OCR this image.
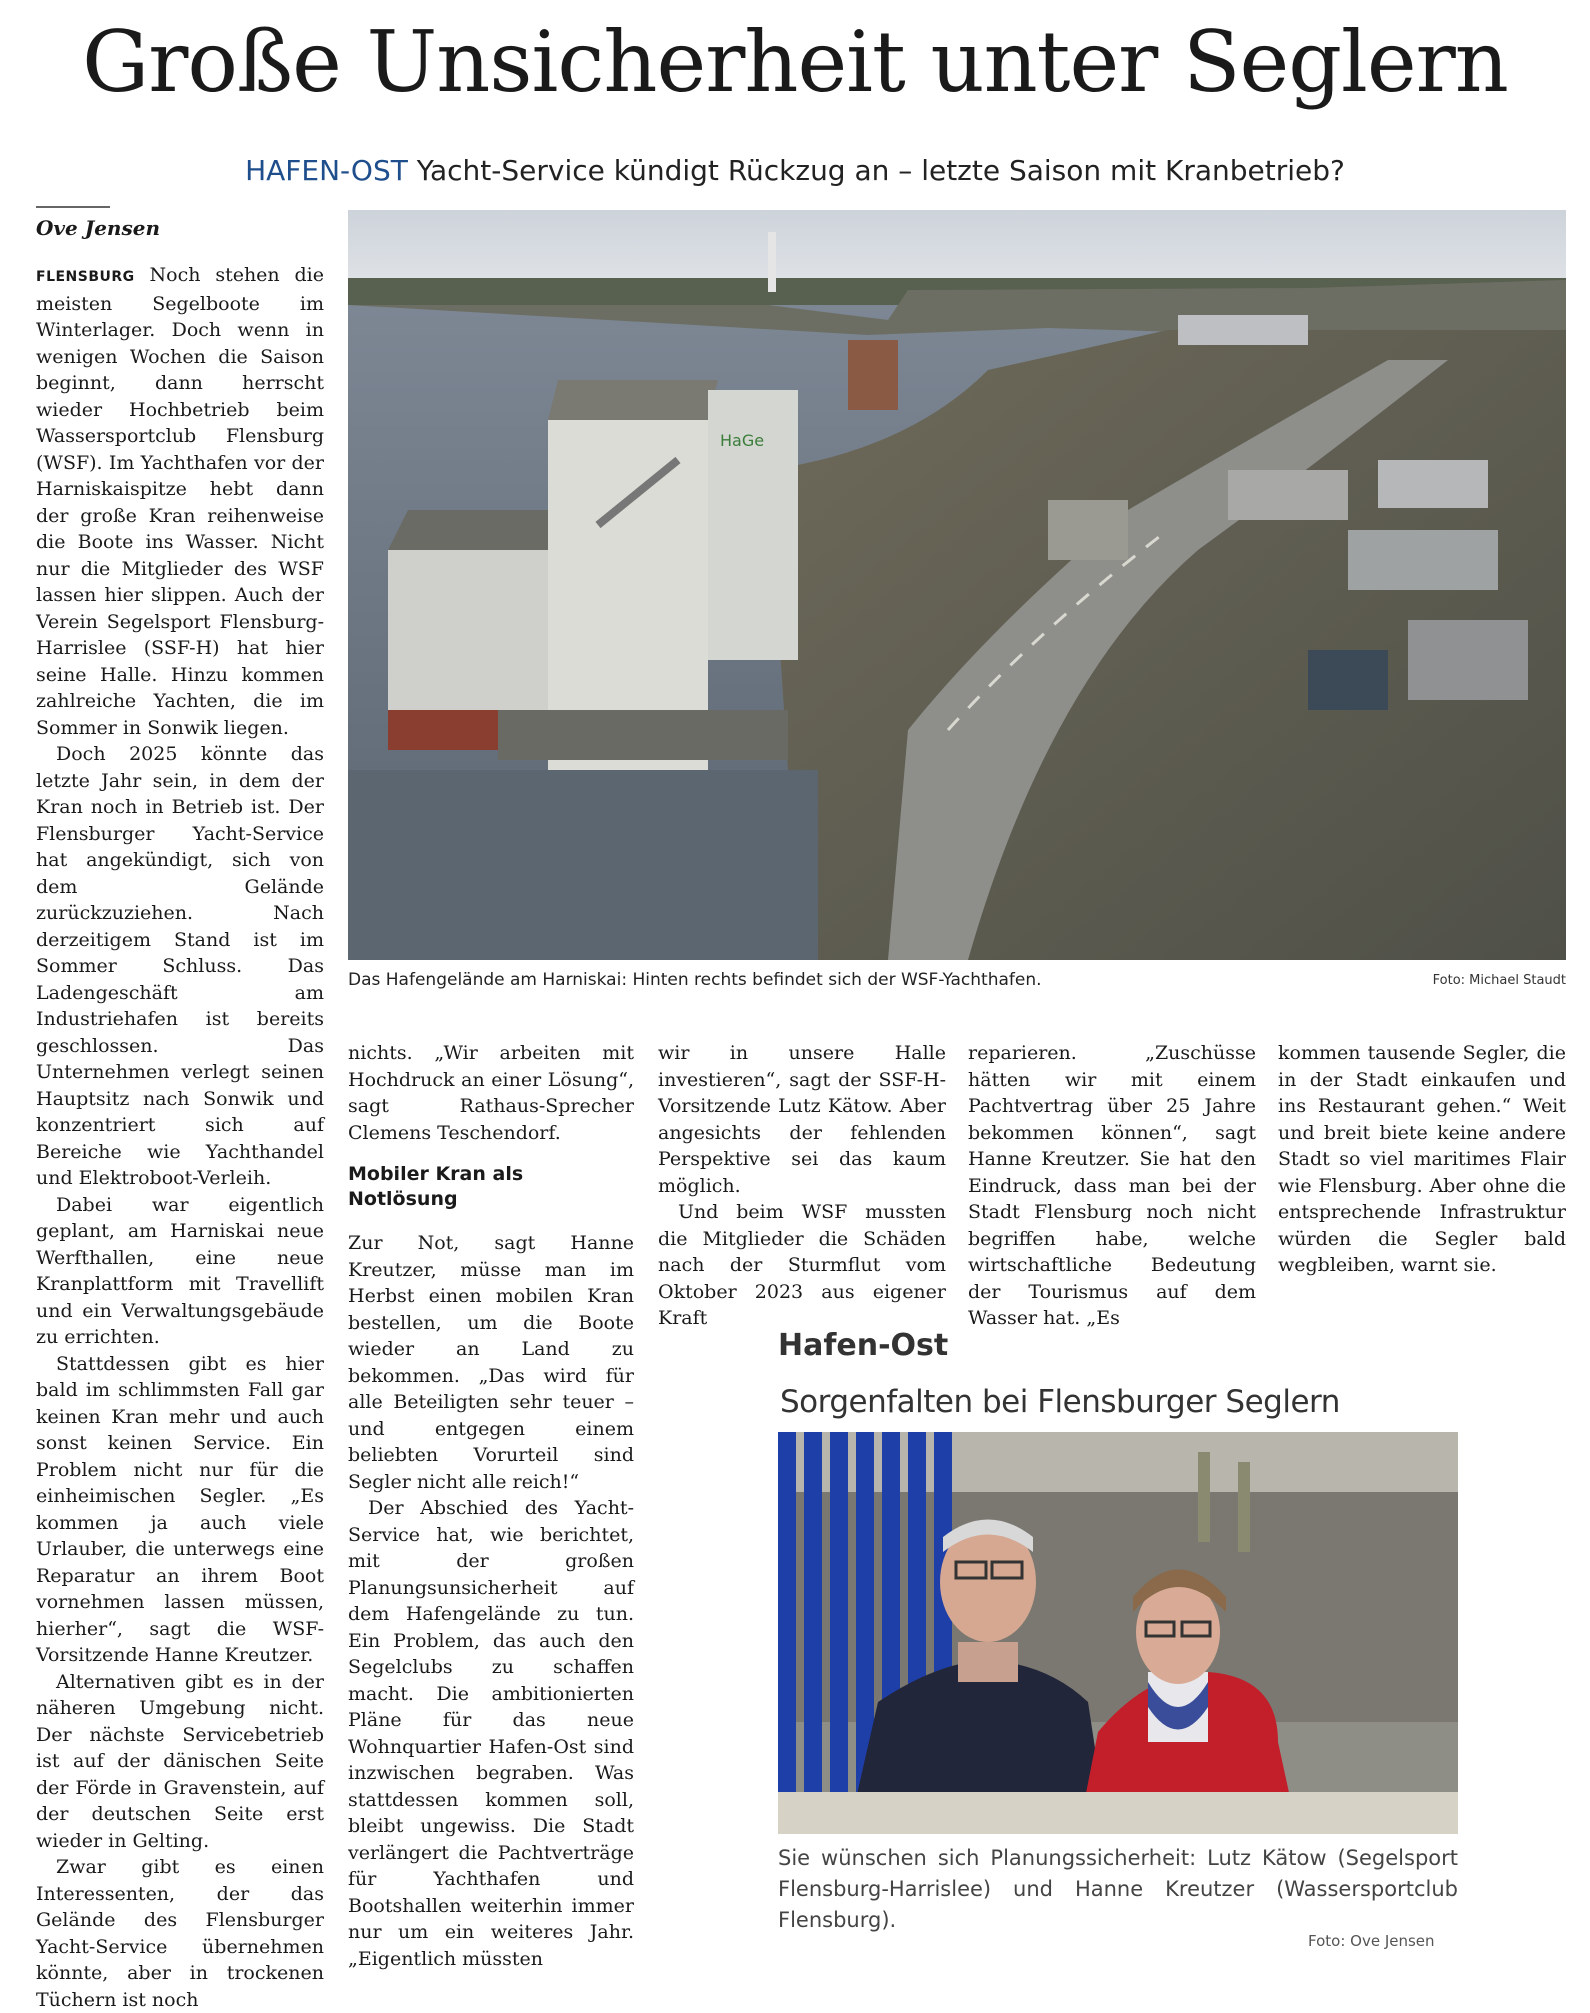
Große Unsicherheit unter Seglern
HAFEN-OST Yacht-Service kündigt Rückzug an – letzte Saison mit Kranbetrieb?
Ove Jensen

FLENSBURG Noch stehen die meisten Segelboote im Winterlager. Doch wenn in wenigen Wochen die Saison beginnt, dann herrscht wieder Hochbetrieb beim Wassersportclub Flensburg (WSF). Im Yachthafen vor der Harniskaispitze hebt dann der große Kran reihenweise die Boote ins Wasser. Nicht nur die Mitglieder des WSF lassen hier slippen. Auch der Verein Segelsport Flensburg-Harrislee (SSF-H) hat hier seine Halle. Hinzu kommen zahlreiche Yachten, die im Sommer in Sonwik liegen.

Doch 2025 könnte das letzte Jahr sein, in dem der Kran noch in Betrieb ist. Der Flensburger Yacht-Service hat angekündigt, sich von dem Gelände zurückzuziehen. Nach derzeitigem Stand ist im Sommer Schluss. Das Ladengeschäft am Industriehafen ist bereits geschlossen. Das Unternehmen verlegt seinen Hauptsitz nach Sonwik und konzentriert sich auf Bereiche wie Yachthandel und Elektroboot-Verleih.

Dabei war eigentlich geplant, am Harniskai neue Werfthallen, eine neue Kranplattform mit Travellift und ein Verwaltungsgebäude zu errichten.

Stattdessen gibt es hier bald im schlimmsten Fall gar keinen Kran mehr und auch sonst keinen Service. Ein Problem nicht nur für die einheimischen Segler. „Es kommen ja auch viele Urlauber, die unterwegs eine Reparatur an ihrem Boot vornehmen lassen müssen, hierher“, sagt die WSF-Vorsitzende Hanne Kreutzer.

Alternativen gibt es in der näheren Umgebung nicht. Der nächste Servicebetrieb ist auf der dänischen Seite der Förde in Gravenstein, auf der deutschen Seite erst wieder in Gelting.

Zwar gibt es einen Interessenten, der das Gelände des Flensburger Yacht-Service übernehmen könnte, aber in trockenen Tüchern ist noch

HaGe
Das Hafengelände am Harniskai: Hinten rechts befindet sich der WSF-Yachthafen.	Foto: Michael Staudt

nichts. „Wir arbeiten mit Hochdruck an einer Lösung“, sagt Rathaus-Sprecher Clemens Teschendorf.

Mobiler Kran als Notlösung

Zur Not, sagt Hanne Kreutzer, müsse man im Herbst einen mobilen Kran bestellen, um die Boote wieder an Land zu bekommen. „Das wird für alle Beteiligten sehr teuer – und entgegen einem beliebten Vorurteil sind Segler nicht alle reich!“

Der Abschied des Yacht-Service hat, wie berichtet, mit der großen Planungsunsicherheit auf dem Hafengelände zu tun. Ein Problem, das auch den Segelclubs zu schaffen macht. Die ambitionierten Pläne für das neue Wohnquartier Hafen-Ost sind inzwischen begraben. Was stattdessen kommen soll, bleibt ungewiss. Die Stadt verlängert die Pachtverträge für Yachthafen und Bootshallen weiterhin immer nur um ein weiteres Jahr. „Eigentlich müssten

wir in unsere Halle investieren“, sagt der SSF-H-Vorsitzende Lutz Kätow. Aber angesichts der fehlenden Perspektive sei das kaum möglich.

Und beim WSF mussten die Mitglieder die Schäden nach der Sturmflut vom Oktober 2023 aus eigener Kraft

reparieren. „Zuschüsse hätten wir mit einem Pachtvertrag über 25 Jahre bekommen können“, sagt Hanne Kreutzer. Sie hat den Eindruck, dass man bei der Stadt Flensburg noch nicht begriffen habe, welche wirtschaftliche Bedeutung der Tourismus auf dem Wasser hat. „Es

kommen tausende Segler, die in der Stadt einkaufen und ins Restaurant gehen.“ Weit und breit biete keine andere Stadt so viel maritimes Flair wie Flensburg. Aber ohne die entsprechende Infrastruktur würden die Segler bald wegbleiben, warnt sie.

Hafen-Ost
Sorgenfalten bei Flensburger Seglern
Sie wünschen sich Planungssicherheit: Lutz Kätow (Segelsport Flensburg-Harrislee) und Hanne Kreutzer (Wassersportclub Flensburg).
Foto: Ove Jensen
